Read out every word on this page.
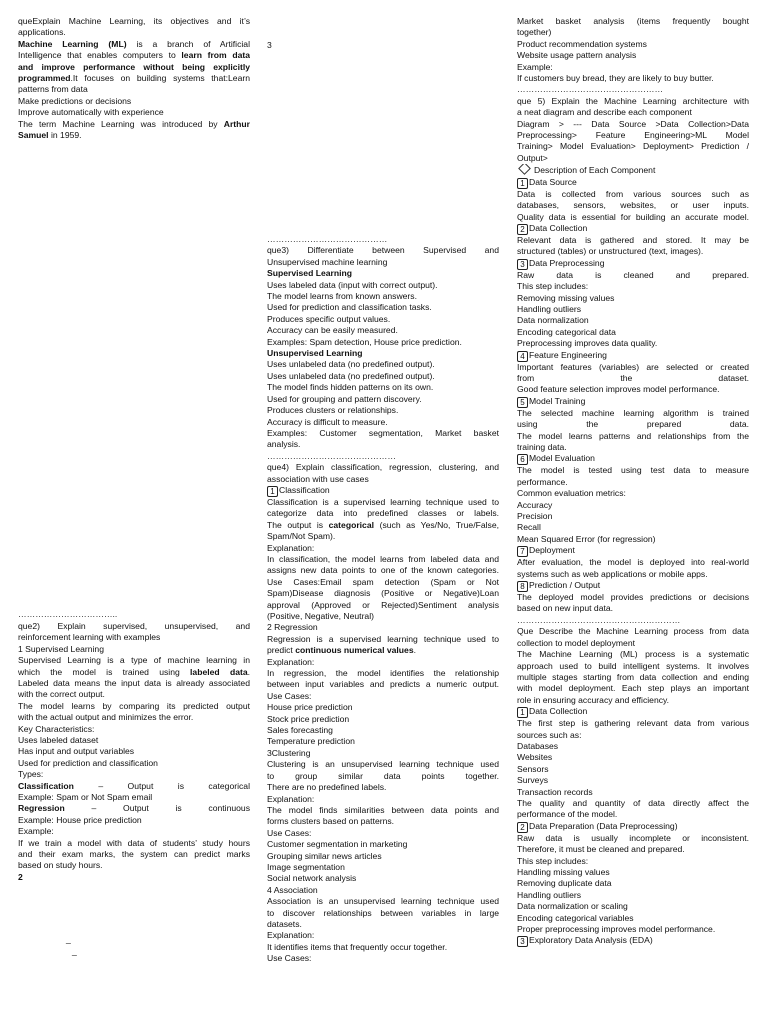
queExplain Machine Learning, its objectives and it’s
applications.
Machine Learning (ML) is a branch of Artificial
Intelligence that enables computers to learn from data
and improve performance without being explicitly
programmed.It focuses on building systems that:Learn
patterns from data
Make predictions or decisions
Improve automatically with experience
The term Machine Learning was introduced by Arthur
Samuel in 1959.
……………………………..
que2) Explain supervised, unsupervised, and
reinforcement learning with examples
1 Supervised Learning
Supervised Learning is a type of machine learning in
which the model is trained using labeled data.
Labeled data means the input data is already associated
with the correct output.
The model learns by comparing its predicted output
with the actual output and minimizes the error.
Key Characteristics:
Uses labeled dataset
Has input and output variables
Used for prediction and classification
Types:
Classification – Output is categorical
Example: Spam or Not Spam email
Regression – Output is continuous
Example: House price prediction
Example:
If we train a model with data of students’ study hours
and their exam marks, the system can predict marks
based on study hours.
2
_
_
3
……………………………………
que3) Differentiate between Supervised and
Unsupervised machine learning
Supervised Learning
Uses labeled data (input with correct output).
The model learns from known answers.
Used for prediction and classification tasks.
Produces specific output values.
Accuracy can be easily measured.
Examples: Spam detection, House price prediction.
Unsupervised Learning
Uses unlabeled data (no predefined output).
Uses unlabeled data (no predefined output).
The model finds hidden patterns on its own.
Used for grouping and pattern discovery.
Produces clusters or relationships.
Accuracy is difficult to measure.
Examples: Customer segmentation, Market basket
analysis.
………………………………………
que4) Explain classification, regression, clustering, and
association with use cases
1 Classification
Classification is a supervised learning technique used to
categorize data into predefined classes or labels.
The output is categorical (such as Yes/No, True/False,
Spam/Not Spam).
Explanation:
In classification, the model learns from labeled data and
assigns new data points to one of the known categories.
Use Cases:Email spam detection (Spam or Not
Spam)Disease diagnosis (Positive or Negative)Loan
approval (Approved or Rejected)Sentiment analysis
(Positive, Negative, Neutral)
2 Regression
Regression is a supervised learning technique used to
predict continuous numerical values.
Explanation:
In regression, the model identifies the relationship
between input variables and predicts a numeric output.
Use Cases:
House price prediction
Stock price prediction
Sales forecasting
Temperature prediction
3Clustering
Clustering is an unsupervised learning technique used
to group similar data points together.
There are no predefined labels.
Explanation:
The model finds similarities between data points and
forms clusters based on patterns.
Use Cases:
Customer segmentation in marketing
Grouping similar news articles
Image segmentation
Social network analysis
4 Association
Association is an unsupervised learning technique used
to discover relationships between variables in large
datasets.
Explanation:
It identifies items that frequently occur together.
Use Cases:
Market basket analysis (items frequently bought
together)
Product recommendation systems
Website usage pattern analysis
Example:
If customers buy bread, they are likely to buy butter.
……………………………………………
que 5) Explain the Machine Learning architecture with
a neat diagram and describe each component
Diagram > --- Data Source >Data Collection>Data
Preprocessing> Feature Engineering>ML Model
Training> Model Evaluation> Deployment> Prediction /
Output>
Description of Each Component
1 Data Source
Data is collected from various sources such as
databases, sensors, websites, or user inputs.
Quality data is essential for building an accurate model.
2 Data Collection
Relevant data is gathered and stored. It may be
structured (tables) or unstructured (text, images).
3 Data Preprocessing
Raw data is cleaned and prepared.
This step includes:
Removing missing values
Handling outliers
Data normalization
Encoding categorical data
Preprocessing improves data quality.
4 Feature Engineering
Important features (variables) are selected or created
from the dataset.
Good feature selection improves model performance.
5 Model Training
The selected machine learning algorithm is trained
using the prepared data.
The model learns patterns and relationships from the
training data.
6 Model Evaluation
The model is tested using test data to measure
performance.
Common evaluation metrics:
Accuracy
Precision
Recall
Mean Squared Error (for regression)
7 Deployment
After evaluation, the model is deployed into real-world
systems such as web applications or mobile apps.
8 Prediction / Output
The deployed model provides predictions or decisions
based on new input data.
…………………………………………………
Que Describe the Machine Learning process from data
collection to model deployment
The Machine Learning (ML) process is a systematic
approach used to build intelligent systems. It involves
multiple stages starting from data collection and ending
with model deployment. Each step plays an important
role in ensuring accuracy and efficiency.
1 Data Collection
The first step is gathering relevant data from various
sources such as:
Databases
Websites
Sensors
Surveys
Transaction records
The quality and quantity of data directly affect the
performance of the model.
2 Data Preparation (Data Preprocessing)
Raw data is usually incomplete or inconsistent.
Therefore, it must be cleaned and prepared.
This step includes:
Handling missing values
Removing duplicate data
Handling outliers
Data normalization or scaling
Encoding categorical variables
Proper preprocessing improves model performance.
3 Exploratory Data Analysis (EDA)
